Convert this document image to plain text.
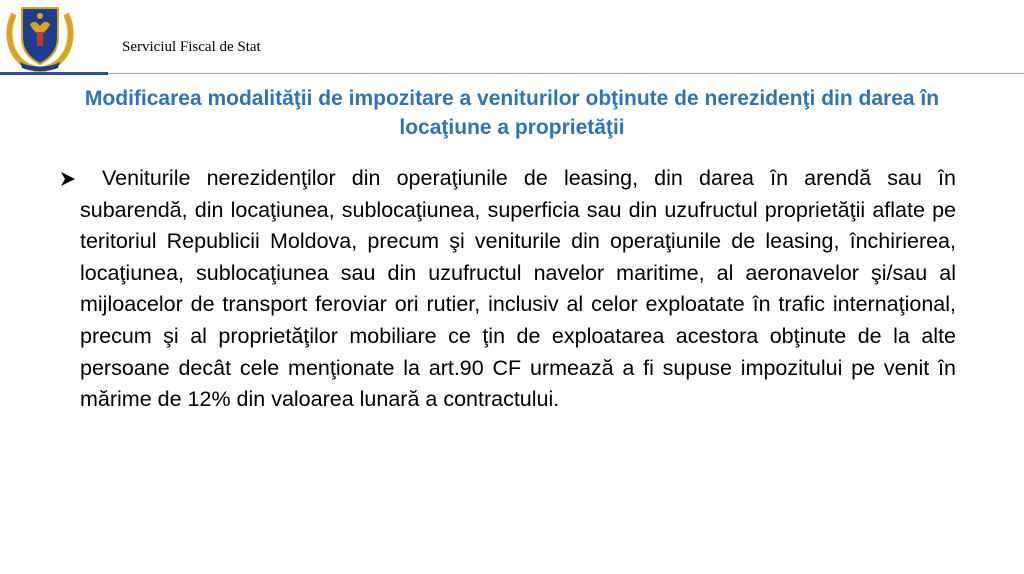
Serviciul Fiscal de Stat
Modificarea modalităţii de impozitare a veniturilor obţinute de nerezidenţi din darea în locaţiune a proprietăţii

Veniturile nerezidenţilor din operaţiunile de leasing, din darea în arendă sau în subarendă, din locaţiunea, sublocaţiunea, superficia sau din uzufructul proprietăţii aflate pe teritoriul Republicii Moldova, precum şi veniturile din operaţiunile de leasing, închirierea, locaţiunea, sublocaţiunea sau din uzufructul navelor maritime, al aeronavelor şi/sau al mijloacelor de transport feroviar ori rutier, inclusiv al celor exploatate în trafic internaţional, precum şi al proprietăţilor mobiliare ce ţin de exploatarea acestora obţinute de la alte persoane decât cele menţionate la art.90 CF urmează a fi supuse impozitului pe venit în mărime de 12% din valoarea lunară a contractului.
